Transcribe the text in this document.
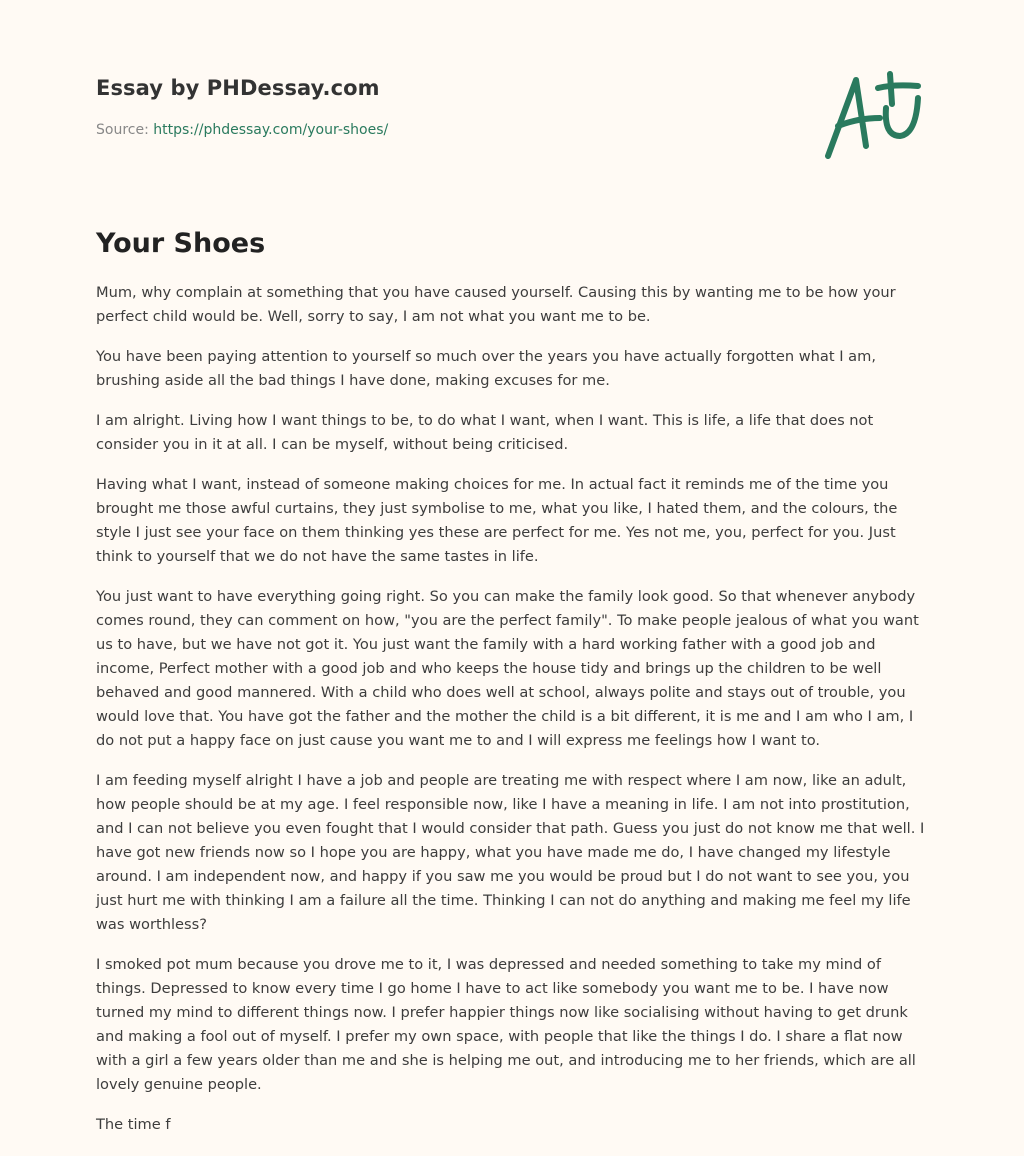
Essay by PHDessay.com
Source: https://phdessay.com/your-shoes/
Your Shoes

Mum, why complain at something that you have caused yourself. Causing this by wanting me to be how your perfect child would be. Well, sorry to say, I am not what you want me to be.

You have been paying attention to yourself so much over the years you have actually forgotten what I am, brushing aside all the bad things I have done, making excuses for me.

I am alright. Living how I want things to be, to do what I want, when I want. This is life, a life that does not consider you in it at all. I can be myself, without being criticised.

Having what I want, instead of someone making choices for me. In actual fact it reminds me of the time you brought me those awful curtains, they just symbolise to me, what you like, I hated them, and the colours, the style I just see your face on them thinking yes these are perfect for me. Yes not me, you, perfect for you. Just think to yourself that we do not have the same tastes in life.

You just want to have everything going right. So you can make the family look good. So that whenever anybody comes round, they can comment on how, "you are the perfect family". To make people jealous of what you want us to have, but we have not got it. You just want the family with a hard working father with a good job and income, Perfect mother with a good job and who keeps the house tidy and brings up the children to be well behaved and good mannered. With a child who does well at school, always polite and stays out of trouble, you would love that. You have got the father and the mother the child is a bit different, it is me and I am who I am, I do not put a happy face on just cause you want me to and I will express me feelings how I want to.

I am feeding myself alright I have a job and people are treating me with respect where I am now, like an adult, how people should be at my age. I feel responsible now, like I have a meaning in life. I am not into prostitution, and I can not believe you even fought that I would consider that path. Guess you just do not know me that well. I have got new friends now so I hope you are happy, what you have made me do, I have changed my lifestyle around. I am independent now, and happy if you saw me you would be proud but I do not want to see you, you just hurt me with thinking I am a failure all the time. Thinking I can not do anything and making me feel my life was worthless?

I smoked pot mum because you drove me to it, I was depressed and needed something to take my mind of things. Depressed to know every time I go home I have to act like somebody you want me to be. I have now turned my mind to different things now. I prefer happier things now like socialising without having to get drunk and making a fool out of myself. I prefer my own space, with people that like the things I do. I share a flat now with a girl a few years older than me and she is helping me out, and introducing me to her friends, which are all lovely genuine people.

The time f
